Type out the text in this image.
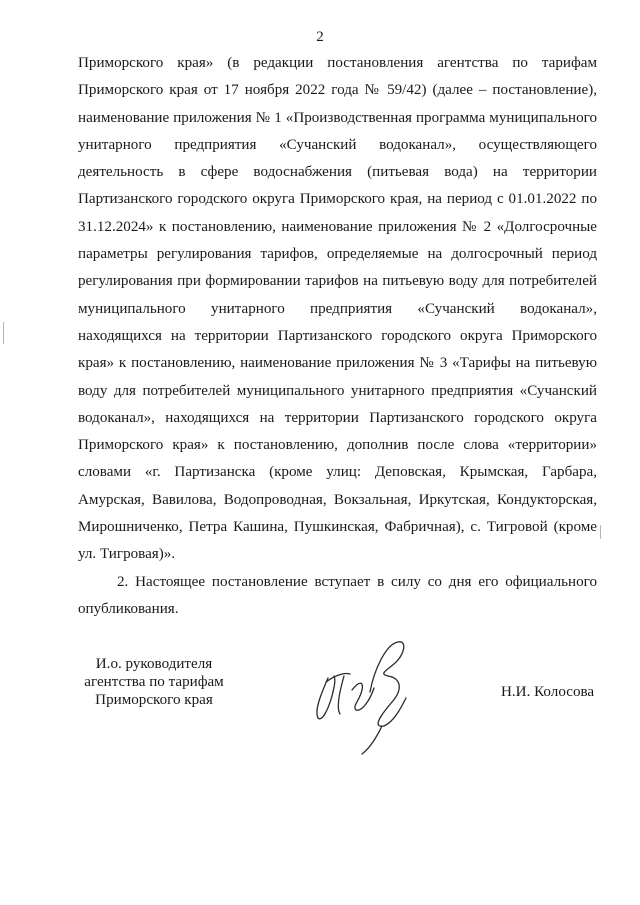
2
Приморского края» (в редакции постановления агентства по тарифам
Приморского края от 17 ноября 2022 года № 59/42) (далее – постановление),
наименование приложения № 1 «Производственная программа муниципального
унитарного предприятия «Сучанский водоканал», осуществляющего
деятельность в сфере водоснабжения (питьевая вода) на территории
Партизанского городского округа Приморского края, на период с 01.01.2022 по
31.12.2024» к постановлению, наименование приложения № 2 «Долгосрочные
параметры регулирования тарифов, определяемые на долгосрочный период
регулирования при формировании тарифов на питьевую воду для потребителей
муниципального унитарного предприятия «Сучанский водоканал»,
находящихся на территории Партизанского городского округа Приморского
края» к постановлению, наименование приложения № 3 «Тарифы на питьевую
воду для потребителей муниципального унитарного предприятия «Сучанский
водоканал», находящихся на территории Партизанского городского округа
Приморского края» к постановлению, дополнив после слова «территории»
словами «г. Партизанска (кроме улиц: Деповская, Крымская, Гарбара,
Амурская, Вавилова, Водопроводная, Вокзальная, Иркутская, Кондукторская,
Мирошниченко, Петра Кашина, Пушкинская, Фабричная), с. Тигровой (кроме
ул. Тигровая)».
2. Настоящее постановление вступает в силу со дня его официального
опубликования.
И.о. руководителя
агентства по тарифам
Приморского края	Н.И. Колосова
